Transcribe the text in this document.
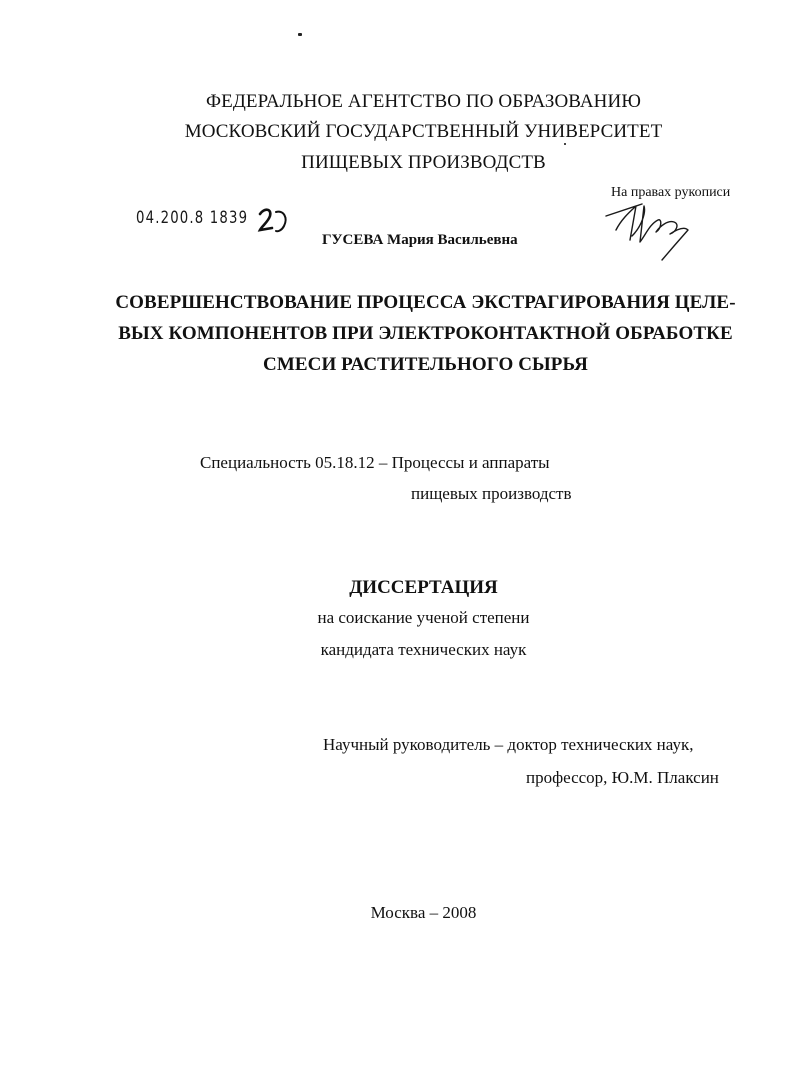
ФЕДЕРАЛЬНОЕ АГЕНТСТВО ПО ОБРАЗОВАНИЮ
МОСКОВСКИЙ ГОСУДАРСТВЕННЫЙ УНИВЕРСИТЕТ
ПИЩЕВЫХ ПРОИЗВОДСТВ
На правах рукописи
04.200.8 1839
ГУСЕВА Мария Васильевна
СОВЕРШЕНСТВОВАНИЕ ПРОЦЕССА ЭКСТРАГИРОВАНИЯ ЦЕЛЕ-
ВЫХ КОМПОНЕНТОВ ПРИ ЭЛЕКТРОКОНТАКТНОЙ ОБРАБОТКЕ
СМЕСИ РАСТИТЕЛЬНОГО СЫРЬЯ
Специальность 05.18.12 – Процессы и аппараты
пищевых производств
ДИССЕРТАЦИЯ
на соискание ученой степени
кандидата технических наук
Научный руководитель – доктор технических наук,
профессор, Ю.М. Плаксин
Москва – 2008
